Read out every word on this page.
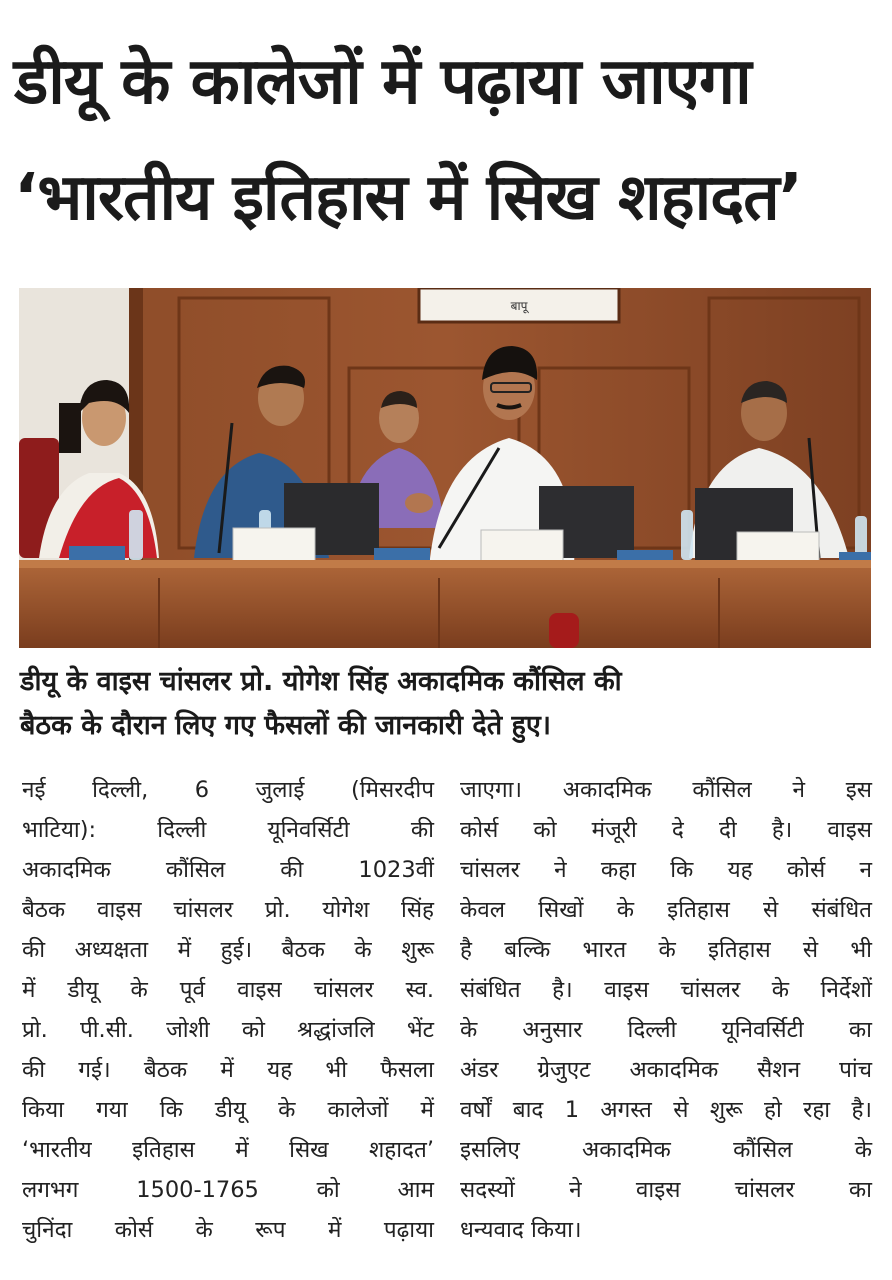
डीयू के कालेजों में पढ़ाया जाएगा
‘भारतीय इतिहास में सिख शहादत’
बापू
डीयू के वाइस चांसलर प्रो. योगेश सिंह अकादमिक कौंसिल की
बैठक के दौरान लिए गए फैसलों की जानकारी देते हुए।
नई दिल्ली, 6 जुलाई (मिसरदीप
भाटिया): दिल्ली यूनिवर्सिटी की
अकादमिक कौंसिल की 1023वीं
बैठक वाइस चांसलर प्रो. योगेश सिंह
की अध्यक्षता में हुई। बैठक के शुरू
में डीयू के पूर्व वाइस चांसलर स्व.
प्रो. पी.सी. जोशी को श्रद्धांजलि भेंट
की गई। बैठक में यह भी फैसला
किया गया कि डीयू के कालेजों में
‘भारतीय इतिहास में सिख शहादत’
लगभग 1500-1765 को आम
चुनिंदा कोर्स के रूप में पढ़ाया
जाएगा। अकादमिक कौंसिल ने इस
कोर्स को मंजूरी दे दी है। वाइस
चांसलर ने कहा कि यह कोर्स न
केवल सिखों के इतिहास से संबंधित
है बल्कि भारत के इतिहास से भी
संबंधित है। वाइस चांसलर के निर्देशों
के अनुसार दिल्ली यूनिवर्सिटी का
अंडर ग्रेजुएट अकादमिक सैशन पांच
वर्षों बाद 1 अगस्त से शुरू हो रहा है।
इसलिए अकादमिक कौंसिल के
सदस्यों ने वाइस चांसलर का
धन्यवाद किया।
